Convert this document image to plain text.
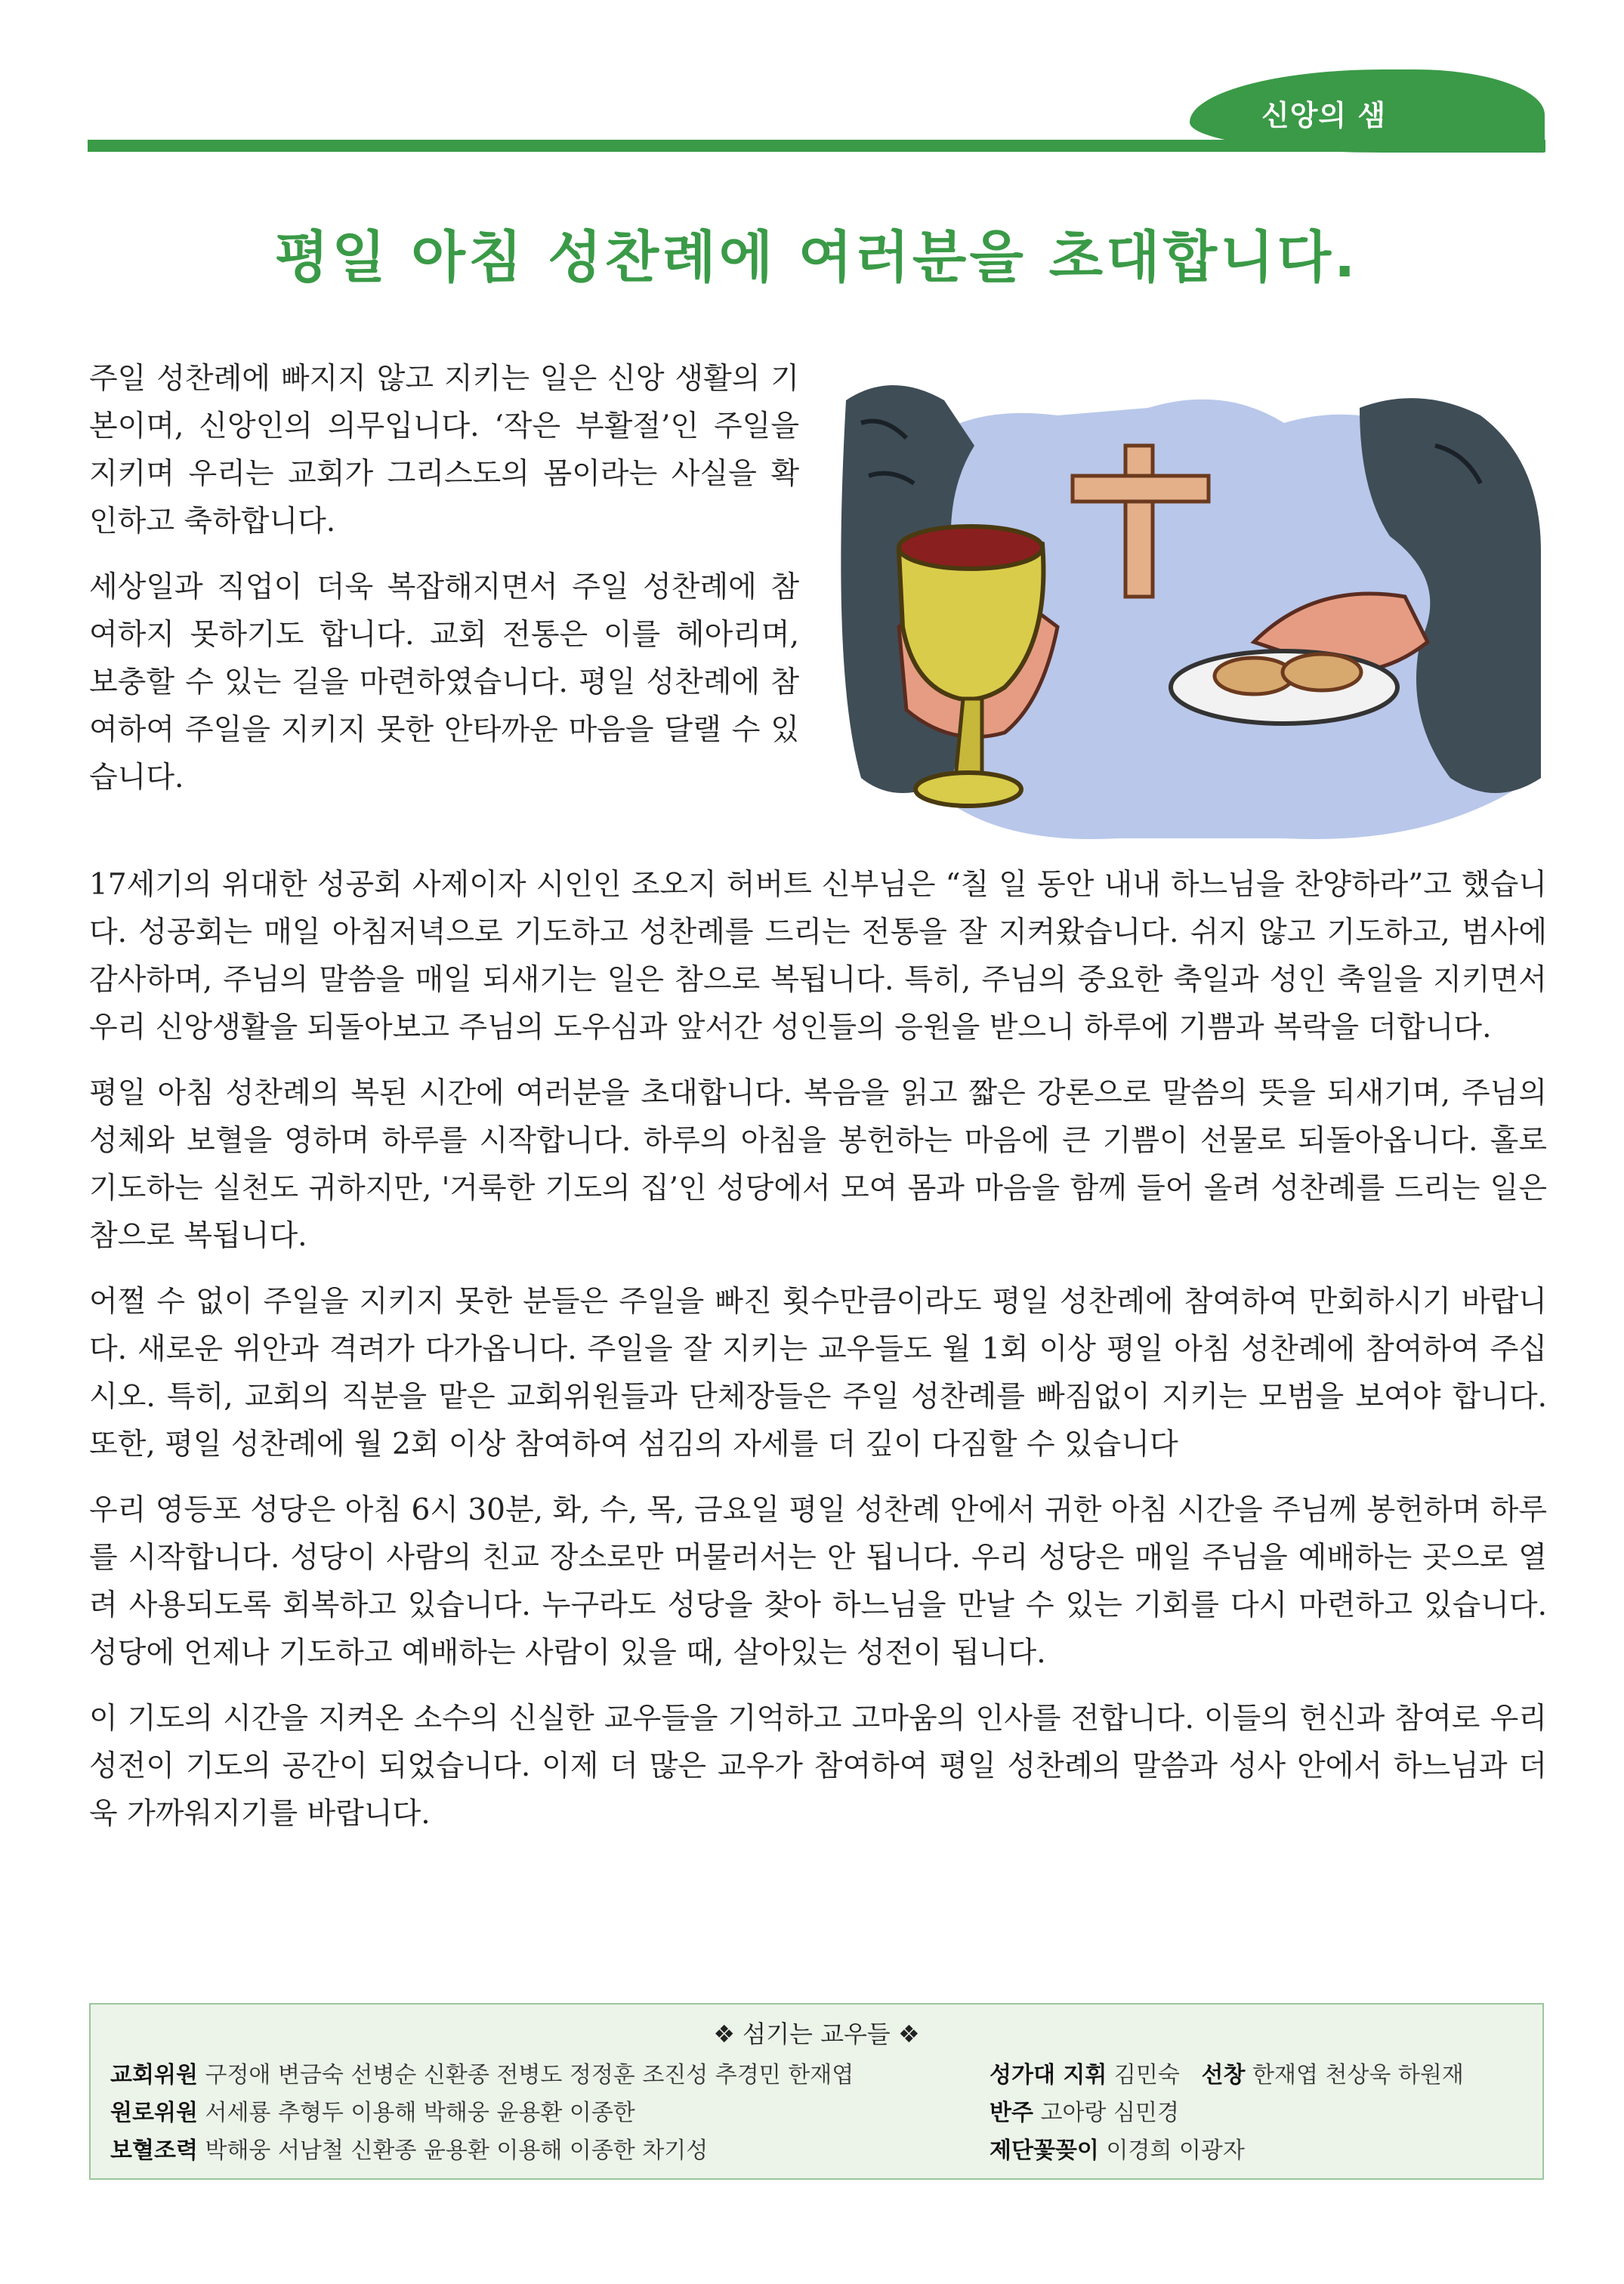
신앙의 샘
평일 아침 성찬례에 여러분을 초대합니다.

주일 성찬례에 빠지지 않고 지키는 일은 신앙 생활의 기본이며, 신앙인의 의무입니다. ‘작은 부활절’인 주일을 지키며 우리는 교회가 그리스도의 몸이라는 사실을 확인하고 축하합니다.

세상일과 직업이 더욱 복잡해지면서 주일 성찬례에 참여하지 못하기도 합니다. 교회 전통은 이를 헤아리며, 보충할 수 있는 길을 마련하였습니다. 평일 성찬례에 참여하여 주일을 지키지 못한 안타까운 마음을 달랠 수 있습니다.

17세기의 위대한 성공회 사제이자 시인인 조오지 허버트 신부님은 “칠 일 동안 내내 하느님을 찬양하라”고 했습니다. 성공회는 매일 아침저녁으로 기도하고 성찬례를 드리는 전통을 잘 지켜왔습니다. 쉬지 않고 기도하고, 범사에 감사하며, 주님의 말씀을 매일 되새기는 일은 참으로 복됩니다. 특히, 주님의 중요한 축일과 성인 축일을 지키면서 우리 신앙생활을 되돌아보고 주님의 도우심과 앞서간 성인들의 응원을 받으니 하루에 기쁨과 복락을 더합니다.

평일 아침 성찬례의 복된 시간에 여러분을 초대합니다. 복음을 읽고 짧은 강론으로 말씀의 뜻을 되새기며, 주님의 성체와 보혈을 영하며 하루를 시작합니다. 하루의 아침을 봉헌하는 마음에 큰 기쁨이 선물로 되돌아옵니다. 홀로 기도하는 실천도 귀하지만, '거룩한 기도의 집’인 성당에서 모여 몸과 마음을 함께 들어 올려 성찬례를 드리는 일은 참으로 복됩니다.

어쩔 수 없이 주일을 지키지 못한 분들은 주일을 빠진 횟수만큼이라도 평일 성찬례에 참여하여 만회하시기 바랍니다. 새로운 위안과 격려가 다가옵니다. 주일을 잘 지키는 교우들도 월 1회 이상 평일 아침 성찬례에 참여하여 주십시오. 특히, 교회의 직분을 맡은 교회위원들과 단체장들은 주일 성찬례를 빠짐없이 지키는 모범을 보여야 합니다. 또한, 평일 성찬례에 월 2회 이상 참여하여 섬김의 자세를 더 깊이 다짐할 수 있습니다

우리 영등포 성당은 아침 6시 30분, 화, 수, 목, 금요일 평일 성찬례 안에서 귀한 아침 시간을 주님께 봉헌하며 하루를 시작합니다. 성당이 사람의 친교 장소로만 머물러서는 안 됩니다. 우리 성당은 매일 주님을 예배하는 곳으로 열려 사용되도록 회복하고 있습니다. 누구라도 성당을 찾아 하느님을 만날 수 있는 기회를 다시 마련하고 있습니다. 성당에 언제나 기도하고 예배하는 사람이 있을 때, 살아있는 성전이 됩니다.

이 기도의 시간을 지켜온 소수의 신실한 교우들을 기억하고 고마움의 인사를 전합니다. 이들의 헌신과 참여로 우리 성전이 기도의 공간이 되었습니다. 이제 더 많은 교우가 참여하여 평일 성찬례의 말씀과 성사 안에서 하느님과 더욱 가까워지기를 바랍니다.

❖ 섬기는 교우들 ❖
교회위원 구정애 변금숙 선병순 신환종 전병도 정정훈 조진성 추경민 한재엽
원로위원 서세룡 추형두 이용해 박해웅 윤용환 이종한
보혈조력 박해웅 서남철 신환종 윤용환 이용해 이종한 차기성
성가대 지휘 김민숙 선창 한재엽 천상욱 하원재
반주 고아랑 심민경
제단꽃꽂이 이경희 이광자
